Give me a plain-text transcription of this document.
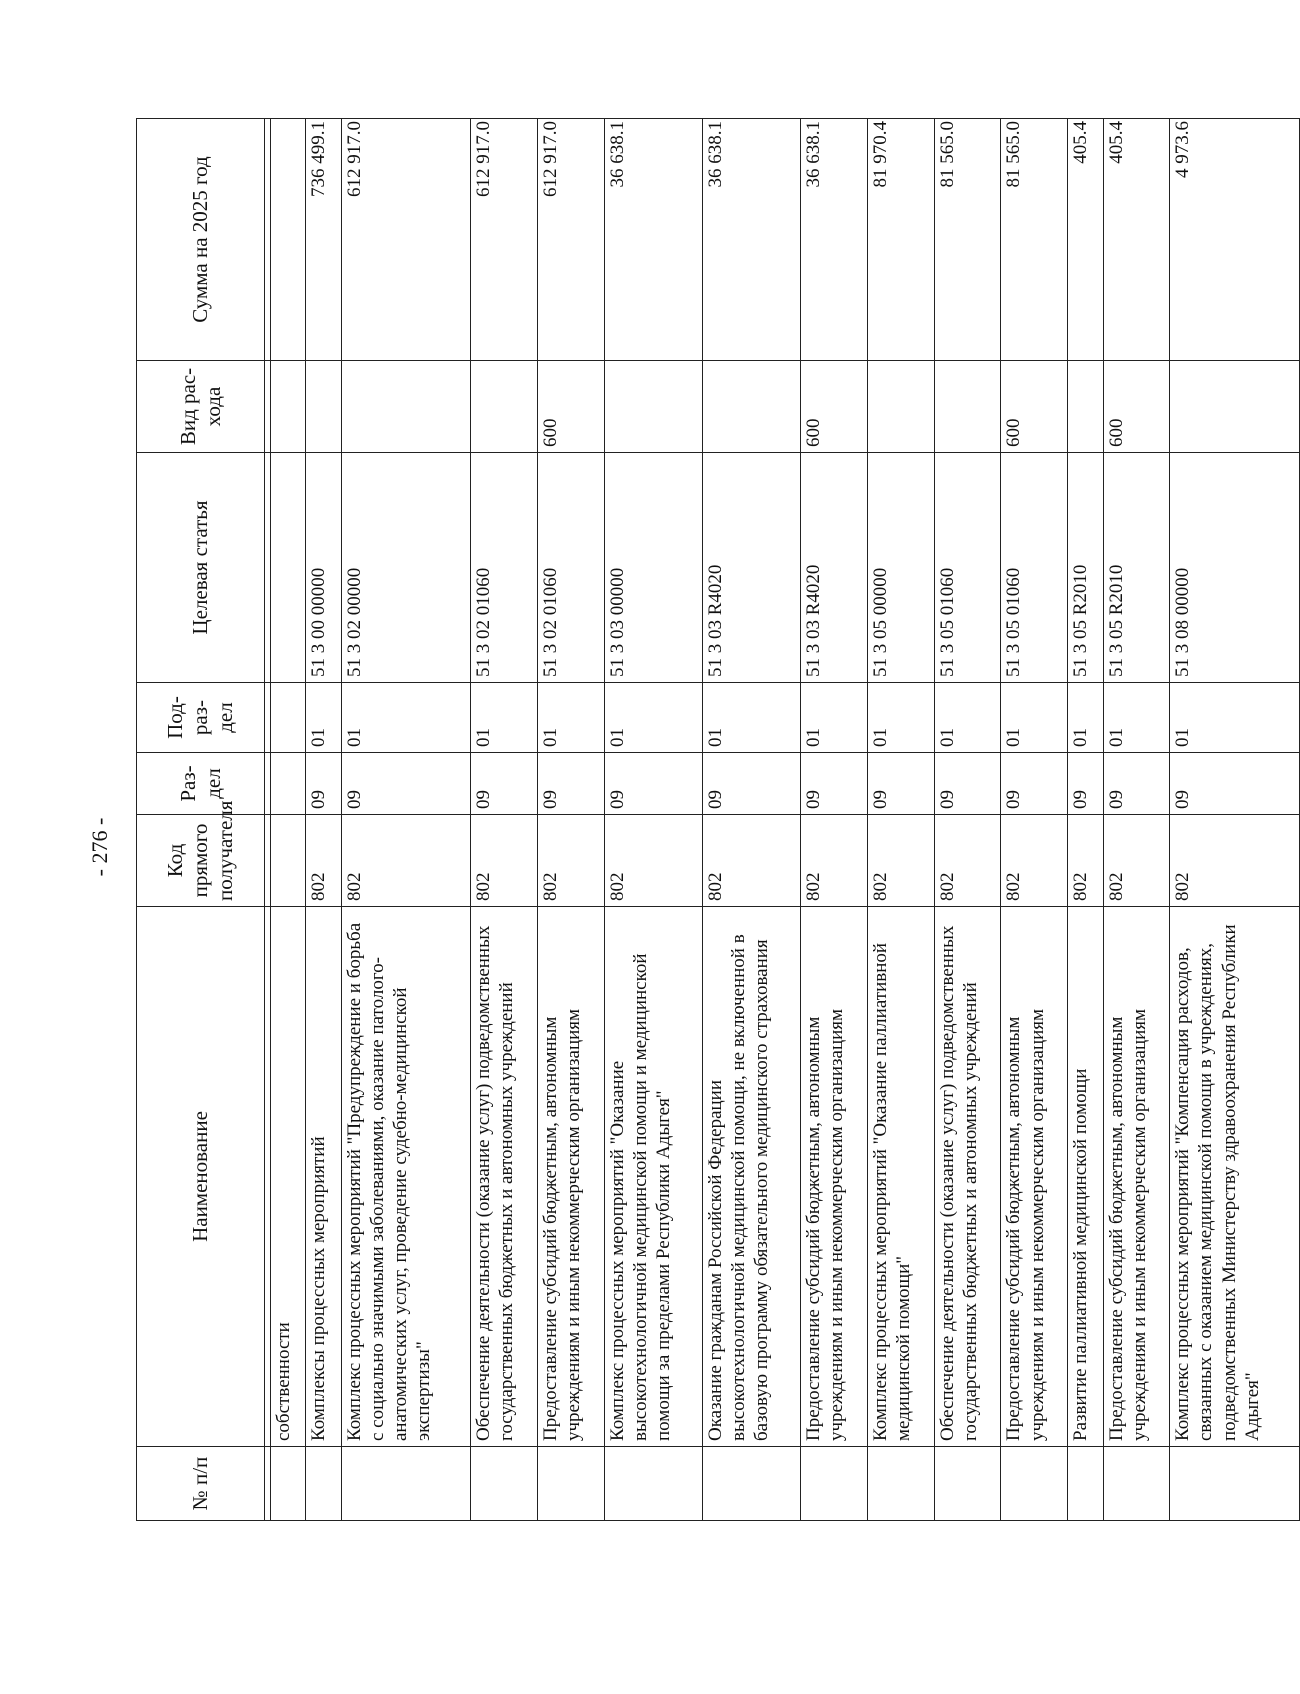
- 276 -
№ п/п	Наименование	Код прямого получателя	Раз-дел	Под-раз-дел	Целевая статья	Вид рас-хода	Сумма на 2025 год

	собственности						
	Комплексы процессных мероприятий	802	09	01	51 3 00 00000		736 499.1
	Комплекс процессных мероприятий "Предупреждение и борьба с социально значимыми заболеваниями, оказание патолого-анатомических услуг, проведение судебно-медицинской экспертизы"	802	09	01	51 3 02 00000		612 917.0
	Обеспечение деятельности (оказание услуг) подведомственных государственных бюджетных и автономных учреждений	802	09	01	51 3 02 01060		612 917.0
	Предоставление субсидий бюджетным, автономным учреждениям и иным некоммерческим организациям	802	09	01	51 3 02 01060	600	612 917.0
	Комплекс процессных мероприятий "Оказание высокотехнологичной медицинской помощи и медицинской помощи за пределами Республики Адыгея"	802	09	01	51 3 03 00000		36 638.1
	Оказание гражданам Российской Федерации высокотехнологичной медицинской помощи, не включенной в базовую программу обязательного медицинского страхования	802	09	01	51 3 03 R4020		36 638.1
	Предоставление субсидий бюджетным, автономным учреждениям и иным некоммерческим организациям	802	09	01	51 3 03 R4020	600	36 638.1
	Комплекс процессных мероприятий "Оказание паллиативной медицинской помощи"	802	09	01	51 3 05 00000		81 970.4
	Обеспечение деятельности (оказание услуг) подведомственных государственных бюджетных и автономных учреждений	802	09	01	51 3 05 01060		81 565.0
	Предоставление субсидий бюджетным, автономным учреждениям и иным некоммерческим организациям	802	09	01	51 3 05 01060	600	81 565.0
	Развитие паллиативной медицинской помощи	802	09	01	51 3 05 R2010		405.4
	Предоставление субсидий бюджетным, автономным учреждениям и иным некоммерческим организациям	802	09	01	51 3 05 R2010	600	405.4
	Комплекс процессных мероприятий "Компенсация расходов, связанных с оказанием медицинской помощи в учреждениях, подведомственных Министерству здравоохранения Республики Адыгея"	802	09	01	51 3 08 00000		4 973.6
